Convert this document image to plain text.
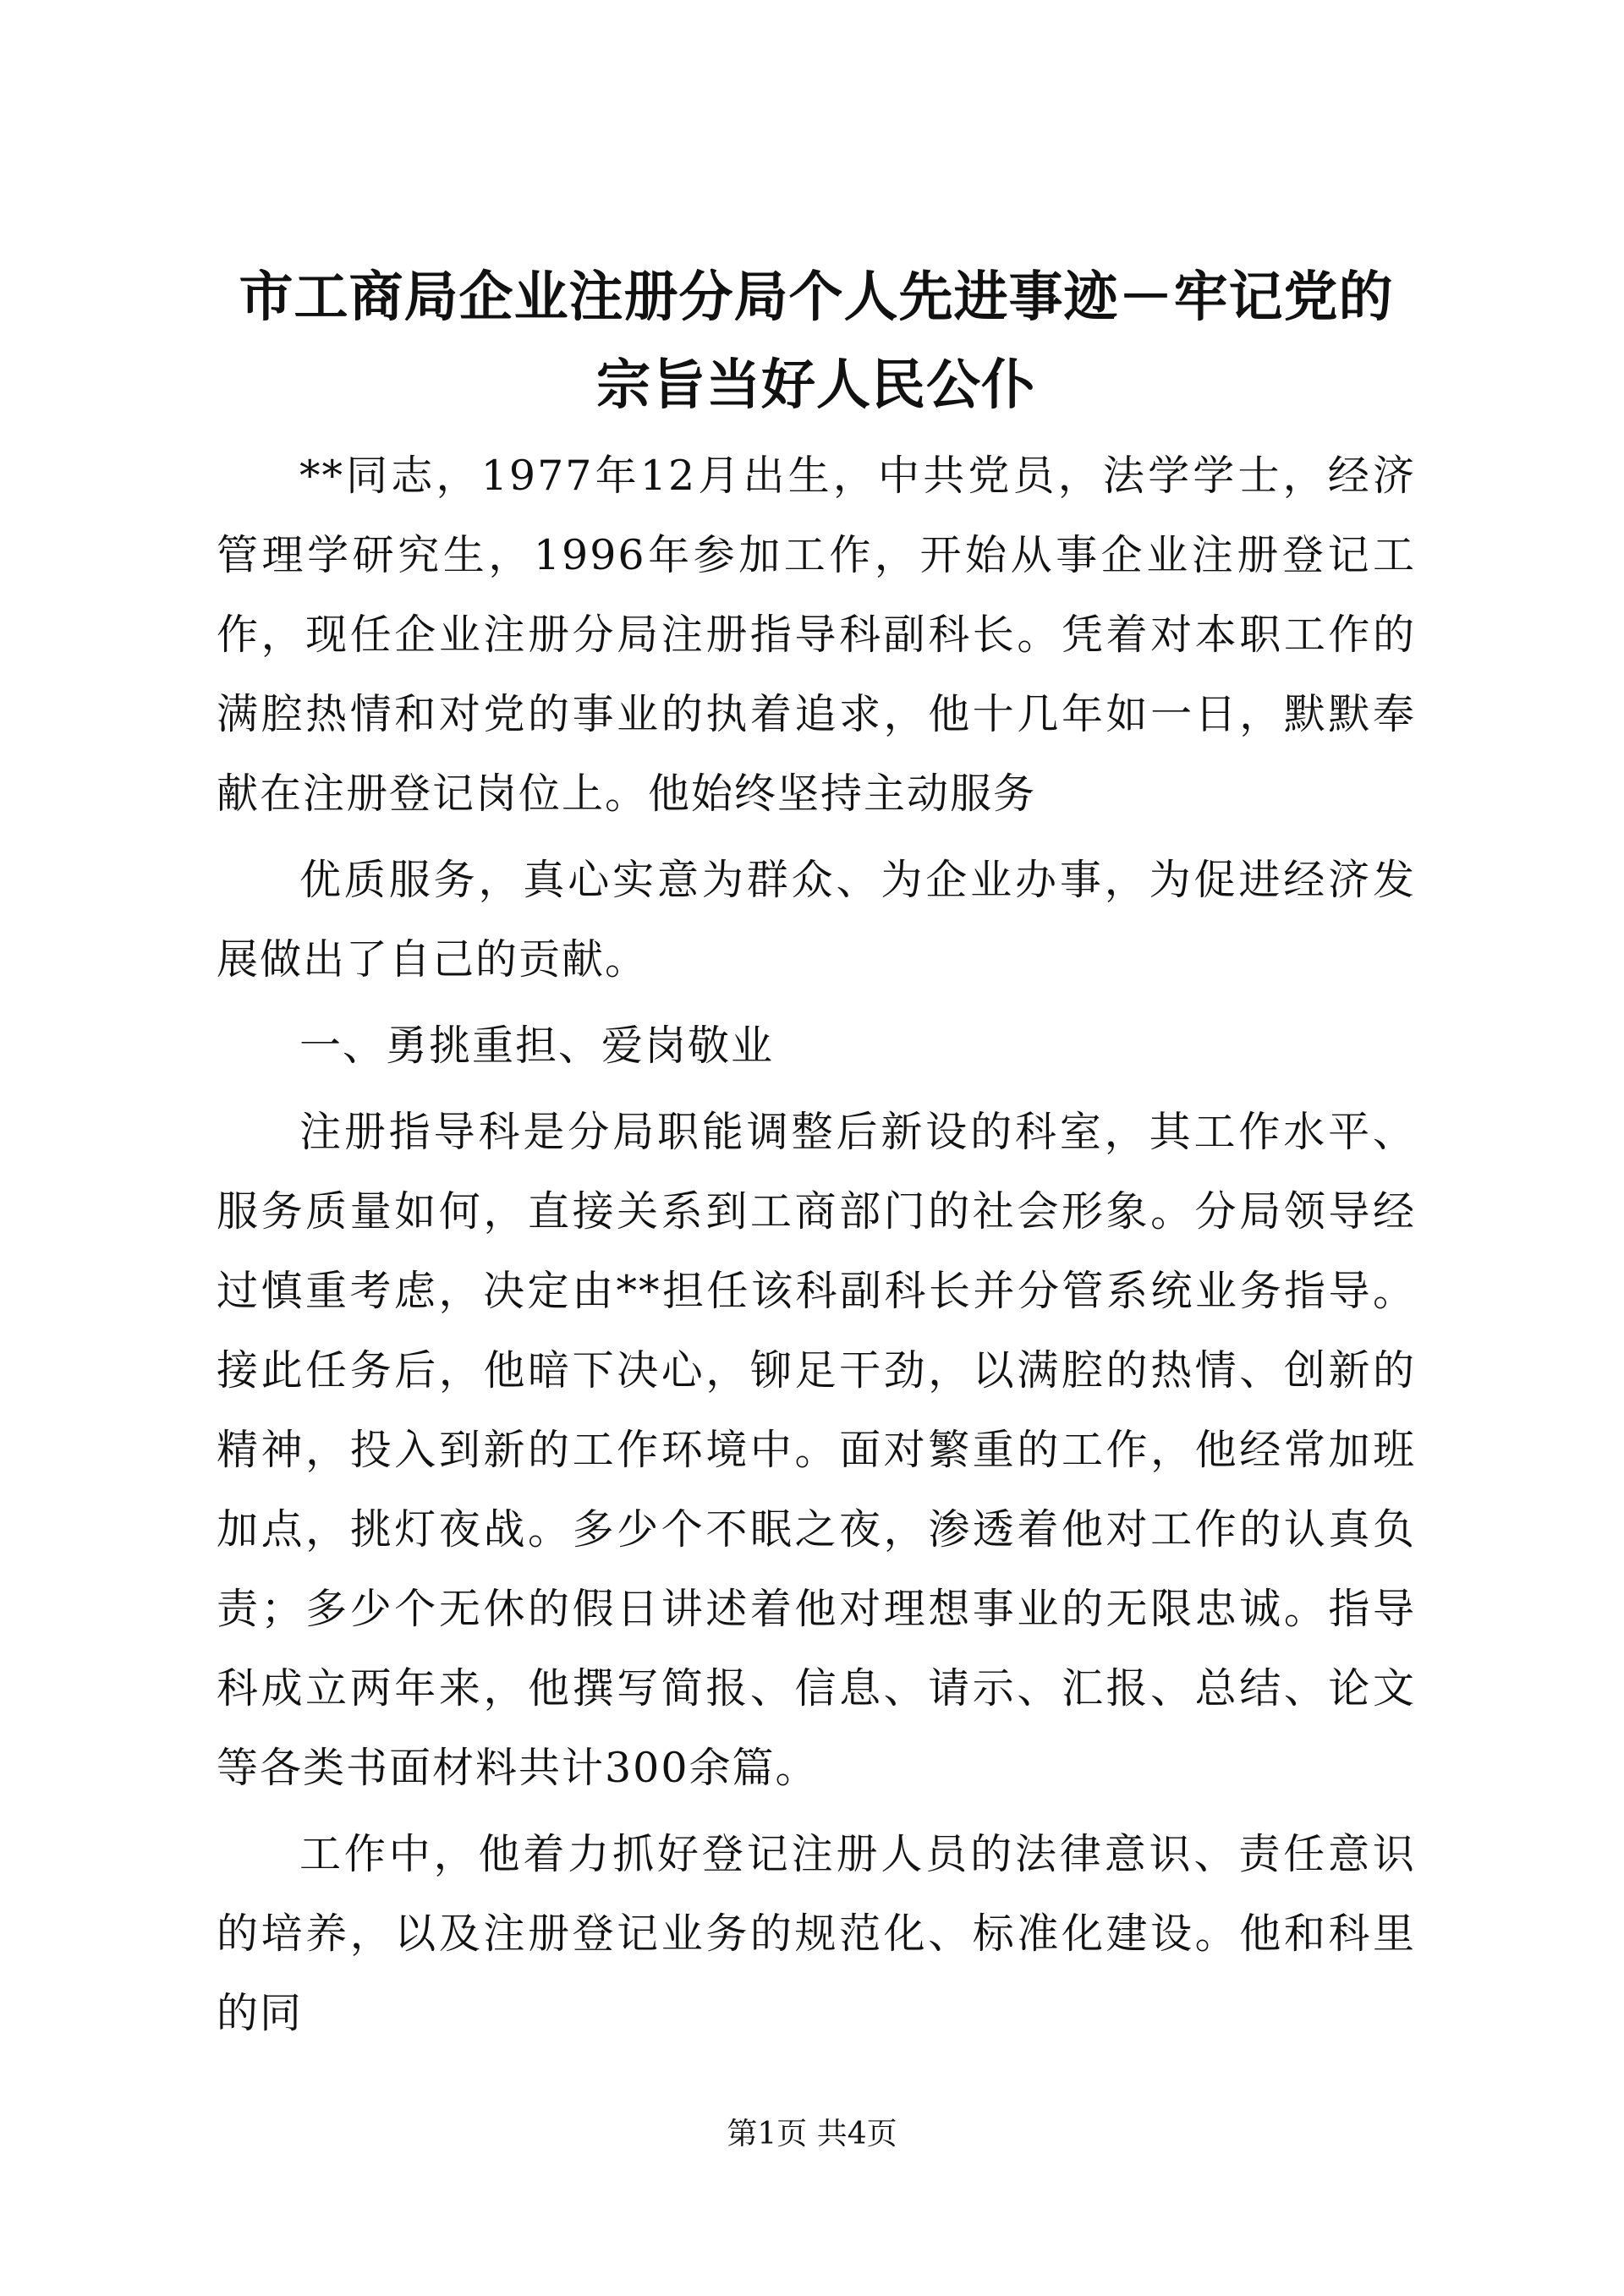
市工商局企业注册分局个人先进事迹－牢记党的宗旨当好人民公仆

**同志，1977年12月出生，中共党员，法学学士，经济管理学研究生，1996年参加工作，开始从事企业注册登记工作，现任企业注册分局注册指导科副科长。凭着对本职工作的满腔热情和对党的事业的执着追求，他十几年如一日，默默奉献在注册登记岗位上。他始终坚持主动服务

优质服务，真心实意为群众、为企业办事，为促进经济发展做出了自己的贡献。

一、勇挑重担、爱岗敬业

注册指导科是分局职能调整后新设的科室，其工作水平、服务质量如何，直接关系到工商部门的社会形象。分局领导经过慎重考虑，决定由**担任该科副科长并分管系统业务指导。接此任务后，他暗下决心，铆足干劲，以满腔的热情、创新的精神，投入到新的工作环境中。面对繁重的工作，他经常加班加点，挑灯夜战。多少个不眠之夜，渗透着他对工作的认真负责；多少个无休的假日讲述着他对理想事业的无限忠诚。指导科成立两年来，他撰写简报、信息、请示、汇报、总结、论文等各类书面材料共计300余篇。

工作中，他着力抓好登记注册人员的法律意识、责任意识的培养，以及注册登记业务的规范化、标准化建设。他和科里的同

第1页 共4页
